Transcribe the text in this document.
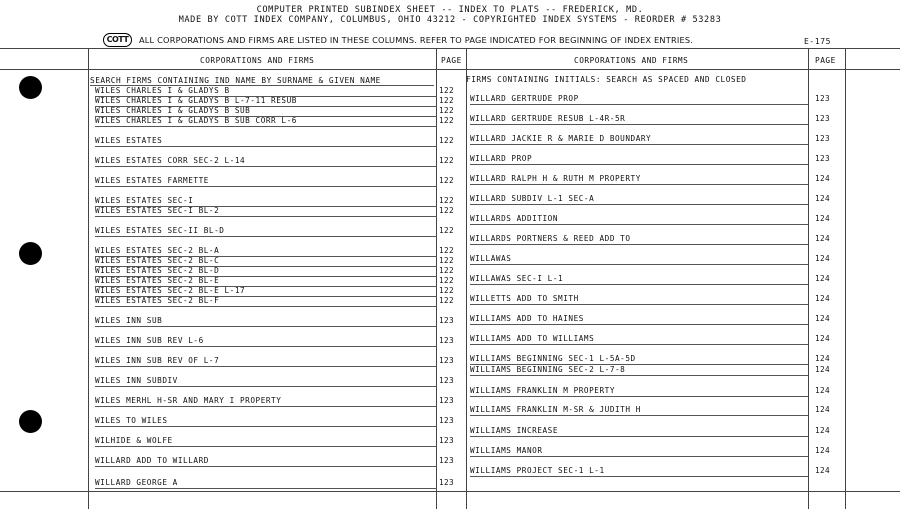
COMPUTER PRINTED SUBINDEX SHEET -- INDEX TO PLATS -- FREDERICK, MD.
MADE BY COTT INDEX COMPANY, COLUMBUS, OHIO 43212 - COPYRIGHTED INDEX SYSTEMS - REORDER # 53283
COTT	ALL CORPORATIONS AND FIRMS ARE LISTED IN THESE COLUMNS. REFER TO PAGE INDICATED FOR BEGINNING OF INDEX ENTRIES.	E-175
CORPORATIONS AND FIRMS	PAGE	CORPORATIONS AND FIRMS	PAGE
SEARCH FIRMS CONTAINING IND NAME BY SURNAME & GIVEN NAME	FIRMS CONTAINING INITIALS: SEARCH AS SPACED AND CLOSED
WILES CHARLES I & GLADYS B	122
WILES CHARLES I & GLADYS B L-7-11 RESUB	122
WILES CHARLES I & GLADYS B SUB	122
WILES CHARLES I & GLADYS B SUB CORR L-6	122
WILES ESTATES	122
WILES ESTATES CORR SEC-2 L-14	122
WILES ESTATES FARMETTE	122
WILES ESTATES SEC-I	122
WILES ESTATES SEC-I BL-2	122
WILES ESTATES SEC-II BL-D	122
WILES ESTATES SEC-2 BL-A	122
WILES ESTATES SEC-2 BL-C	122
WILES ESTATES SEC-2 BL-D	122
WILES ESTATES SEC-2 BL-E	122
WILES ESTATES SEC-2 BL-E L-17	122
WILES ESTATES SEC-2 BL-F	122
WILES INN SUB	123
WILES INN SUB REV L-6	123
WILES INN SUB REV OF L-7	123
WILES INN SUBDIV	123
WILES MERHL H-SR AND MARY I PROPERTY	123
WILES TO WILES	123
WILHIDE & WOLFE	123
WILLARD ADD TO WILLARD	123
WILLARD GEORGE A	123
WILLARD GERTRUDE PROP	123
WILLARD GERTRUDE RESUB L-4R-5R	123
WILLARD JACKIE R & MARIE D BOUNDARY	123
WILLARD PROP	123
WILLARD RALPH H & RUTH M PROPERTY	124
WILLARD SUBDIV L-1 SEC-A	124
WILLARDS ADDITION	124
WILLARDS PORTNERS & REED ADD TO	124
WILLAWAS	124
WILLAWAS SEC-I L-1	124
WILLETTS ADD TO SMITH	124
WILLIAMS ADD TO HAINES	124
WILLIAMS ADD TO WILLIAMS	124
WILLIAMS BEGINNING SEC-1 L-5A-5D	124
WILLIAMS BEGINNING SEC-2 L-7-8	124
WILLIAMS FRANKLIN M PROPERTY	124
WILLIAMS FRANKLIN M-SR & JUDITH H	124
WILLIAMS INCREASE	124
WILLIAMS MANOR	124
WILLIAMS PROJECT SEC-1 L-1	124
